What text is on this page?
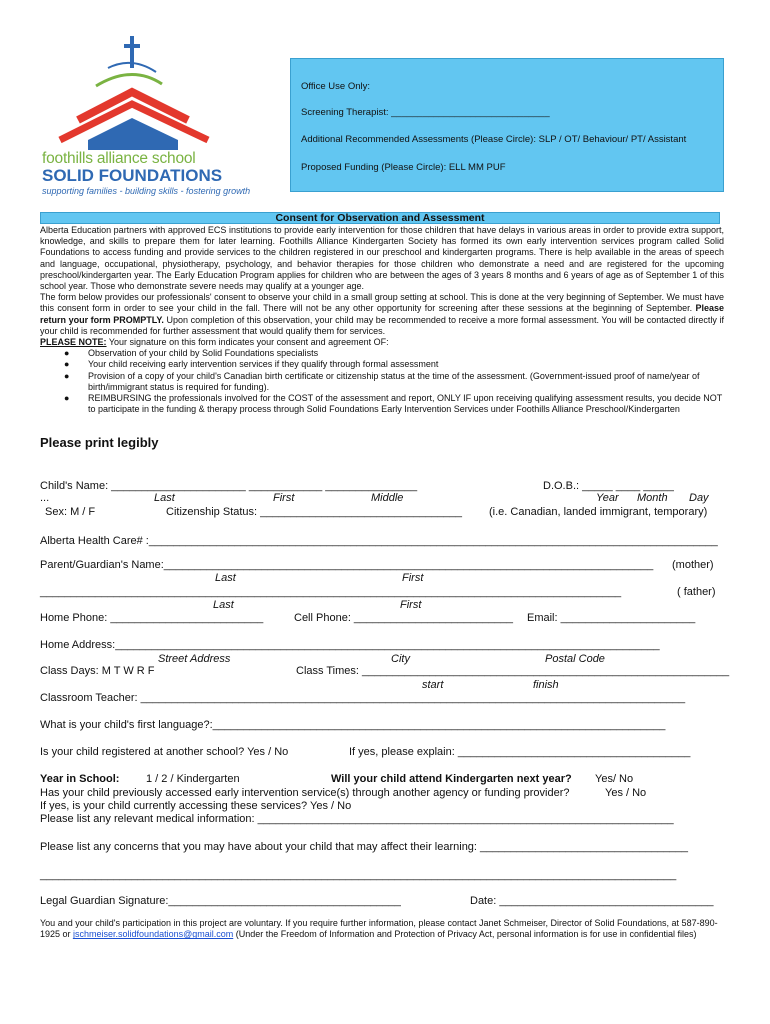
foothills alliance school
SOLID FOUNDATIONS
supporting families - building skills - fostering growth
Office Use Only:
Screening Therapist: ______________________________
Additional Recommended Assessments (Please Circle): SLP / OT/ Behaviour/ PT/ Assistant
Proposed Funding (Please Circle): ELL MM PUF
Consent for Observation and Assessment

Alberta Education partners with approved ECS institutions to provide early intervention for those children that have delays in various areas in order to provide extra support, knowledge, and skills to prepare them for later learning. Foothills Alliance Kindergarten Society has formed its own early intervention services program called Solid Foundations to access funding and provide services to the children registered in our preschool and kindergarten programs. There is help available in the areas of speech and language, occupational, physiotherapy, psychology, and behavior therapies for those children who demonstrate a need and are registered for the upcoming preschool/kindergarten year. The Early Education Program applies for children who are between the ages of 3 years 8 months and 6 years of age as of September 1 of this school year. Those who demonstrate severe needs may qualify at a younger age.

The form below provides our professionals' consent to observe your child in a small group setting at school. This is done at the very beginning of September. We must have this consent form in order to see your child in the fall. There will not be any other opportunity for screening after these sessions at the beginning of September. Please return your form PROMPTLY. Upon completion of this observation, your child may be recommended to receive a more formal assessment. You will be contacted directly if your child is recommended for further assessment that would qualify them for services.

PLEASE NOTE: Your signature on this form indicates your consent and agreement OF:

● Observation of your child by Solid Foundations specialists
● Your child receiving early intervention services if they qualify through formal assessment
● Provision of a copy of your child's Canadian birth certificate or citizenship status at the time of the assessment. (Government-issued proof of name/year of birth/immigrant status is required for funding).
● REIMBURSING the professionals involved for the COST of the assessment and report, ONLY IF upon receiving qualifying assessment results, you decide NOT to participate in the funding & therapy process through Solid Foundations Early Intervention Services under Foothills Alliance Preschool/Kindergarten
Please print legibly
Child's Name: ______________________ ____________ _______________	D.O.B.: _____ ____ _____
...	Last	First	Middle	Year Month Day
Sex: M / F	Citizenship Status: _________________________________ (i.e. Canadian, landed immigrant, temporary)
Alberta Health Care# :_____________________________________________________________________________________________
Parent/Guardian's Name:________________________________________________________________________________ (mother)
Last	First
_______________________________________________________________________________________________	( father)
Last	First
Home Phone: _________________________	Cell Phone: __________________________ Email: ______________________
Home Address:_________________________________________________________________________________________
Street Address	City	Postal Code
Class Days: M T W R F	Class Times: ____________________________________________________________
start	finish
Classroom Teacher: _________________________________________________________________________________________
What is your child's first language?:__________________________________________________________________________
Is your child registered at another school? Yes / No	If yes, please explain: ______________________________________
Year in School: 1 / 2 / Kindergarten	Will your child attend Kindergarten next year? Yes/ No
Has your child previously accessed early intervention service(s) through another agency or funding provider?	Yes / No
If yes, is your child currently accessing these services? Yes / No
Please list any relevant medical information: ____________________________________________________________________
Please list any concerns that you may have about your child that may affect their learning: __________________________________
________________________________________________________________________________________________________
Legal Guardian Signature:______________________________________	Date: ___________________________________
You and your child's participation in this project are voluntary. If you require further information, please contact Janet Schmeiser, Director of Solid Foundations, at 587-890-1925 or jschmeiser.solidfoundations@gmail.com (Under the Freedom of Information and Protection of Privacy Act, personal information is for use in confidential files)
